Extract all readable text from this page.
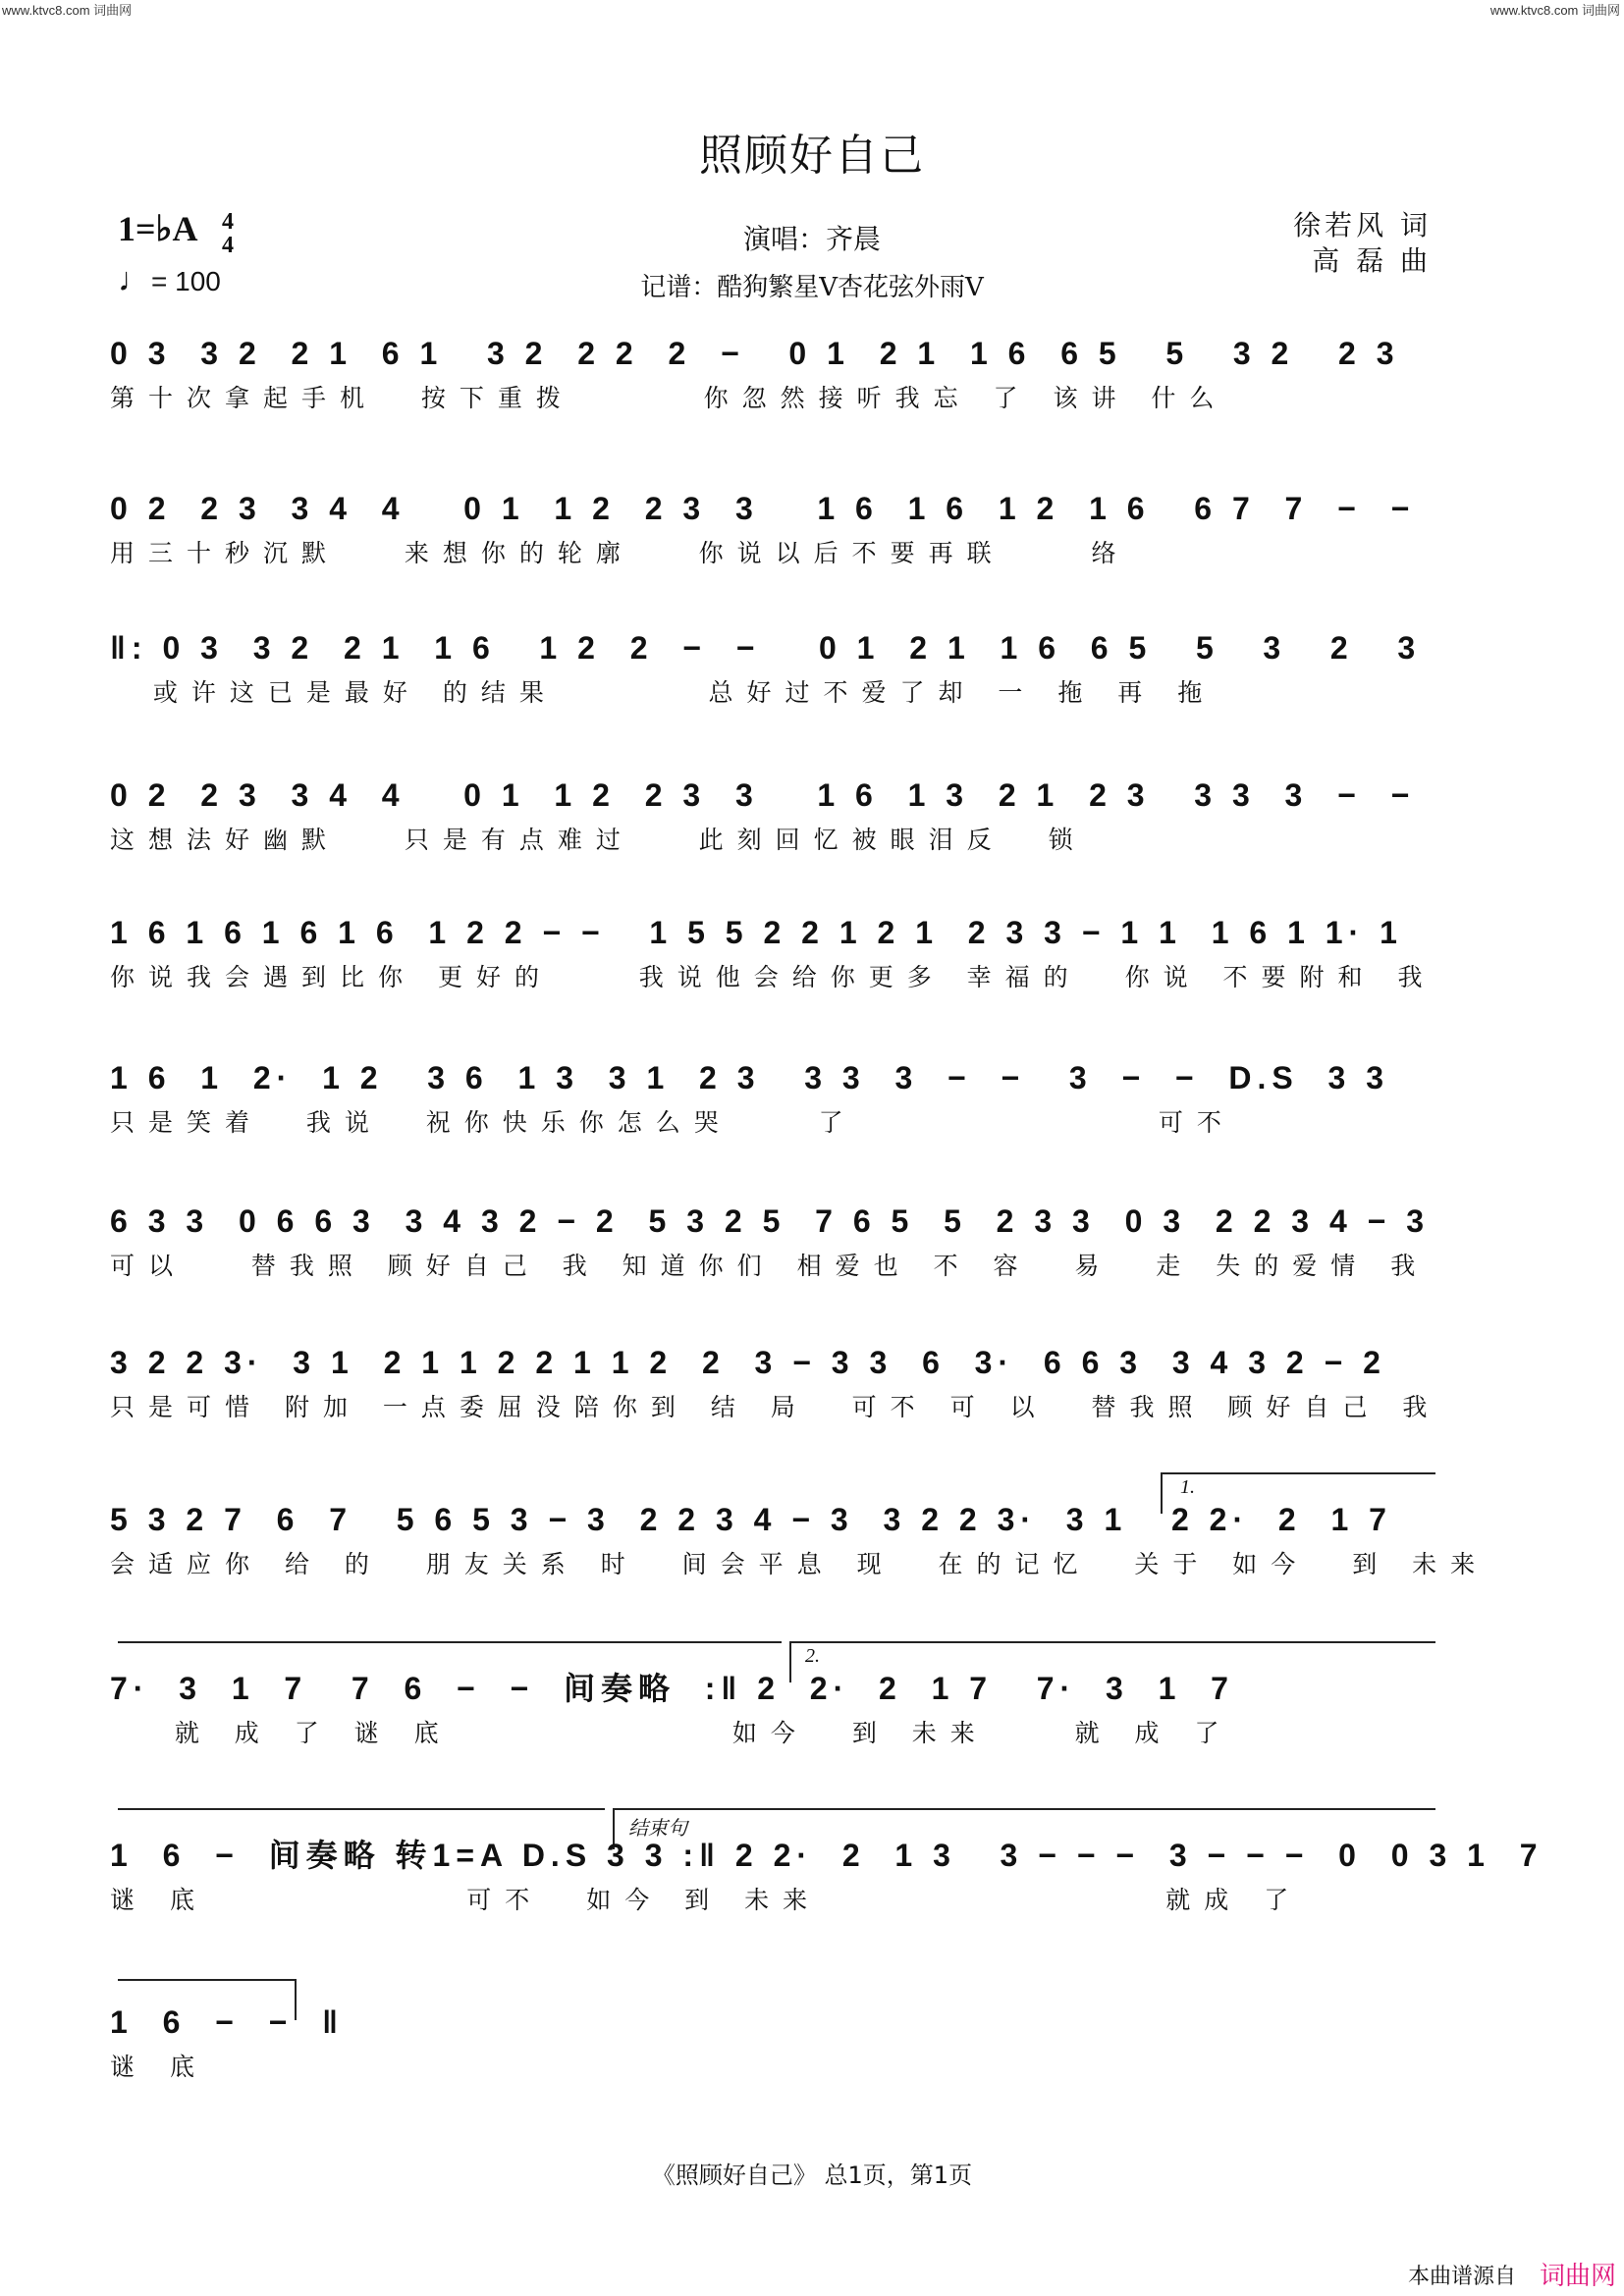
www.ktvc8.com 词曲网	www.ktvc8.com 词曲网
照顾好自己
1=♭A 4
4
♩= 100
演唱：齐晨
记谱：酷狗繁星V杏花弦外雨V
徐若风 词
高 磊 曲
0 3  3 2  2 1  6 1   3 2  2 2  2  −   0 1  2 1  1 6  6 5   5   3 2   2 3
第十次拿起手机  按下重拨      你忽然接听我忘 了 该讲 什么
0 2  2 3  3 4  4    0 1  1 2  2 3  3    1 6  1 6  1 2  1 6   6 7  7  −  −
用三十秒沉默   来想你的轮廓   你说以后不要再联    络
‖: 0 3  3 2  2 1  1 6   1 2  2  −  −    0 1  2 1  1 6  6 5   5   3   2   3
或许这已是最好 的结果       总好过不爱了却 一 拖 再 拖
0 2  2 3  3 4  4    0 1  1 2  2 3  3    1 6  1 3  2 1  2 3   3 3  3  −  −
这想法好幽默   只是有点难过   此刻回忆被眼泪反  锁
1 6 1 6 1 6 1 6  1 2 2 − −   1 5 5 2 2 1 2 1  2 3 3 − 1 1  1 6 1 1· 1
你说我会遇到比你 更好的    我说他会给你更多 幸福的  你说 不要附和 我
1 6  1  2·  1 2   3 6  1 3  3 1  2 3   3 3  3  −  −   3  −  −  D.S  3 3
只是笑着  我说  祝你快乐你怎么哭    了              可不
6 3 3  0 6 6 3  3 4 3 2 − 2  5 3 2 5  7 6 5  5  2 3 3  0 3  2 2 3 4 − 3
可以   替我照 顾好自己 我 知道你们 相爱也 不 容  易  走 失的爱情 我
3 2 2 3·  3 1  2 1 1 2 2 1 1 2  2  3 − 3 3  6  3·  6 6 3  3 4 3 2 − 2
只是可惜 附加 一点委屈没陪你到 结 局  可不 可 以  替我照 顾好自己 我
1.
5 3 2 7  6  7   5 6 5 3 − 3  2 2 3 4 − 3  3 2 2 3·  3 1   2 2·  2  1 7
会适应你 给 的  朋友关系 时  间会平息 现  在的记忆  关于 如今  到 未来
2.
7·  3  1  7   7  6  −  −  间奏略  :‖ 2  2·  2  1 7   7·  3  1  7
就 成 了 谜 底             如今  到 未来    就 成 了
结束句
1  6  −  间奏略 转1=A D.S 3 3 :‖ 2 2·  2  1 3   3 − − −  3 − − −  0  0 3 1  7
谜 底            可不  如今 到 未来                就成 了
1  6  −  −  ‖
谜 底
《照顾好自己》 总1页，第1页
本曲谱源自 词曲网
